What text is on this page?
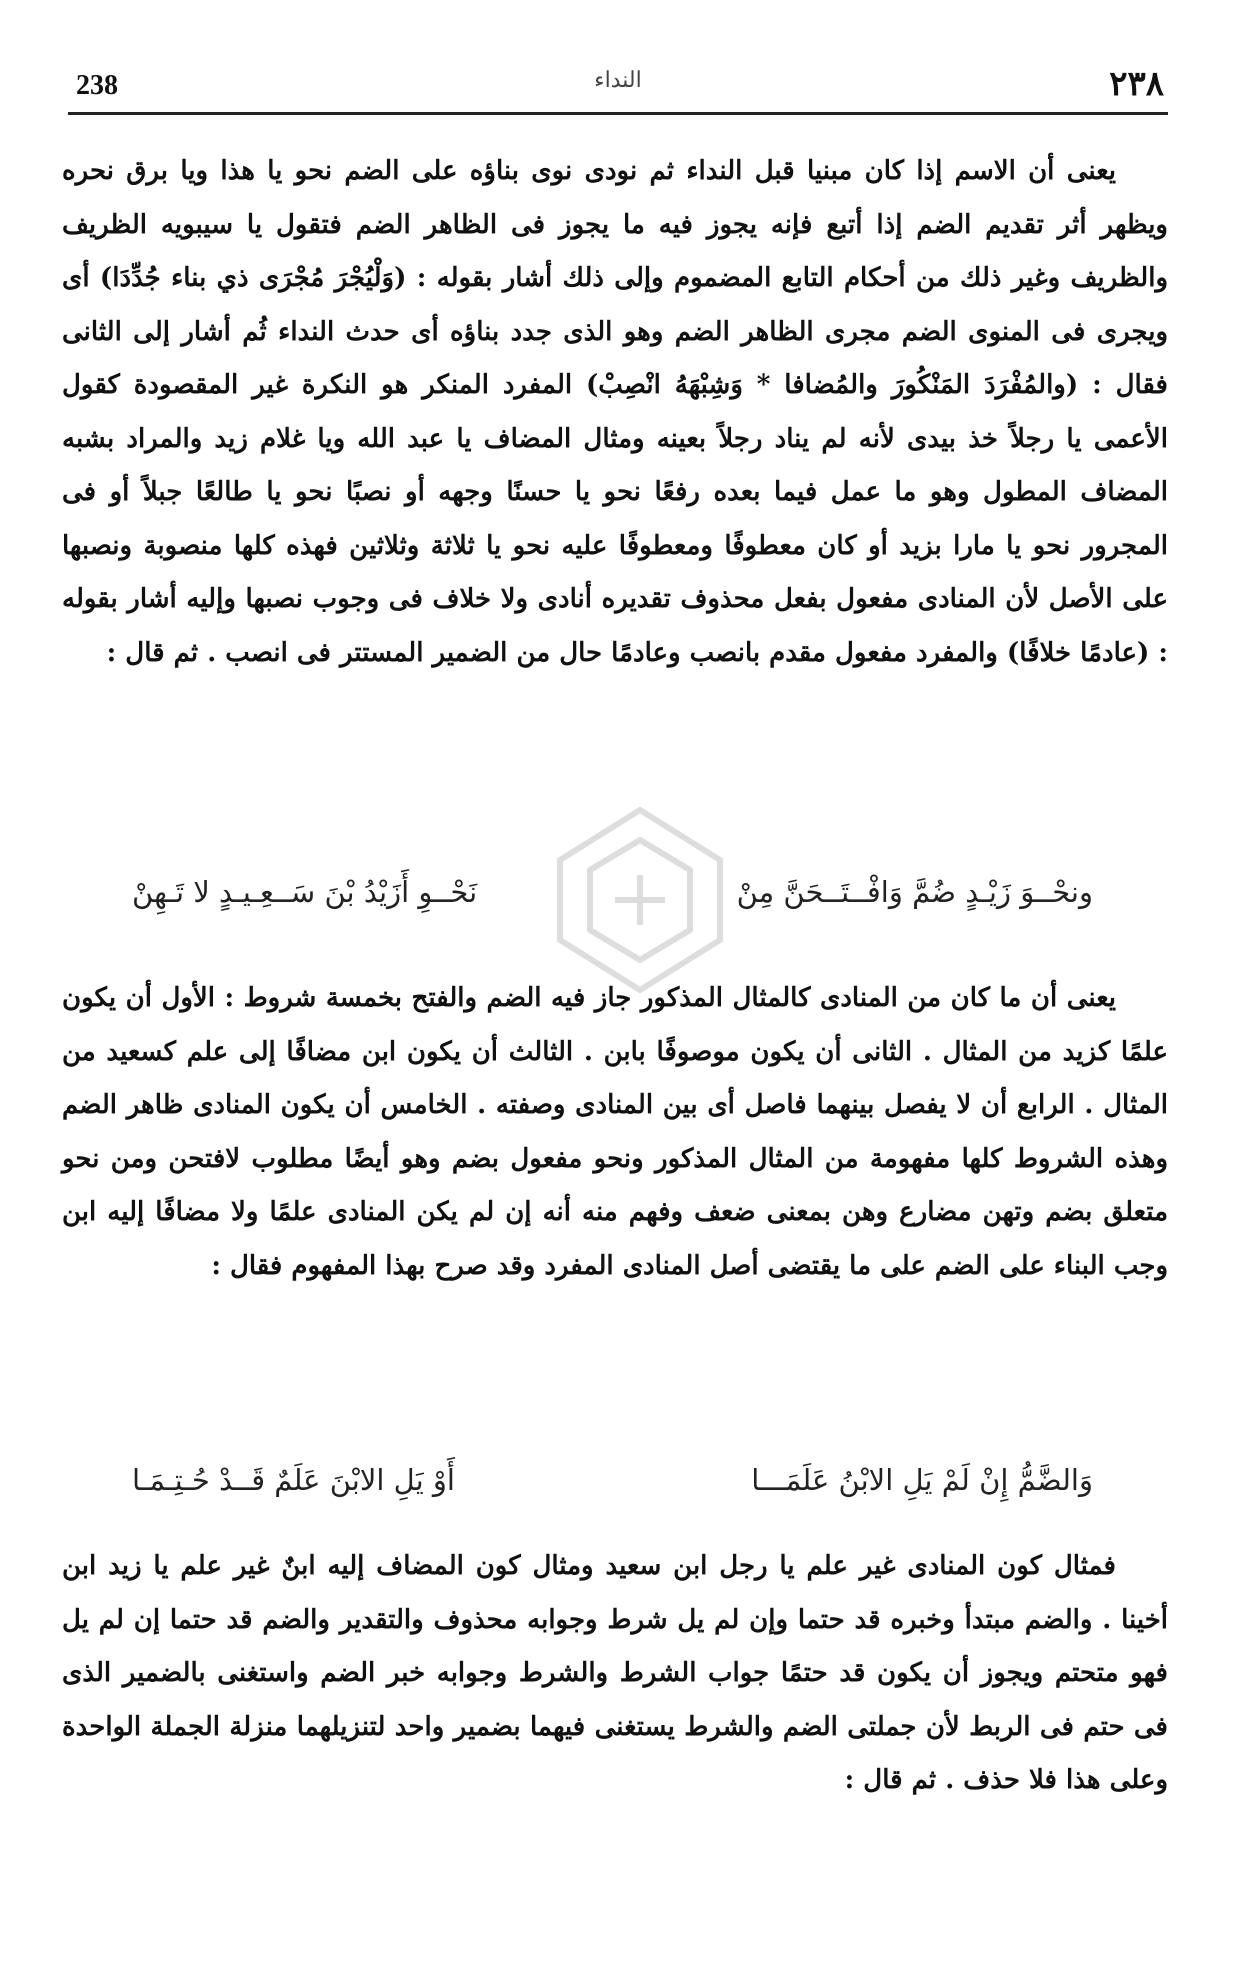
238	النداء	٢٣٨

يعنى أن الاسم إذا كان مبنيا قبل النداء ثم نودى نوى بناؤه على الضم نحو يا هذا ويا برق نحره ويظهر أثر تقديم الضم إذا أتبع فإنه يجوز فيه ما يجوز فى الظاهر الضم فتقول يا سيبويه الظريف والظريف وغير ذلك من أحكام التابع المضموم وإلى ذلك أشار بقوله : (وَلْيُجْرَ مُجْرَى ذي بناء جُدِّدَا) أى ويجرى فى المنوى الضم مجرى الظاهر الضم وهو الذى جدد بناؤه أى حدث النداء ثُم أشار إلى الثانى فقال : (والمُفْرَدَ المَنْكُورَ والمُضافا * وَشِبْهَهُ انْصِبْ) المفرد المنكر هو النكرة غير المقصودة كقول الأعمى يا رجلاً خذ بيدى لأنه لم يناد رجلاً بعينه ومثال المضاف يا عبد الله ويا غلام زيد والمراد بشبه المضاف المطول وهو ما عمل فيما بعده رفعًا نحو يا حسنًا وجهه أو نصبًا نحو يا طالعًا جبلاً أو فى المجرور نحو يا مارا بزيد أو كان معطوفًا ومعطوفًا عليه نحو يا ثلاثة وثلاثين فهذه كلها منصوبة ونصبها على الأصل لأن المنادى مفعول بفعل محذوف تقديره أنادى ولا خلاف فى وجوب نصبها وإليه أشار بقوله : (عادمًا خلافًا) والمفرد مفعول مقدم بانصب وعادمًا حال من الضمير المستتر فى انصب . ثم قال :

ونحْــوَ زَيْـدٍ ضُمَّ وَافْــتَــحَنَّ مِنْ
نَحْــوِ أَزَيْدُ بْنَ سَــعِـيـدٍ لا تَـهِنْ

يعنى أن ما كان من المنادى كالمثال المذكور جاز فيه الضم والفتح بخمسة شروط : الأول أن يكون علمًا كزيد من المثال . الثانى أن يكون موصوفًا بابن . الثالث أن يكون ابن مضافًا إلى علم كسعيد من المثال . الرابع أن لا يفصل بينهما فاصل أى بين المنادى وصفته . الخامس أن يكون المنادى ظاهر الضم وهذه الشروط كلها مفهومة من المثال المذكور ونحو مفعول بضم وهو أيضًا مطلوب لافتحن ومن نحو متعلق بضم وتهن مضارع وهن بمعنى ضعف وفهم منه أنه إن لم يكن المنادى علمًا ولا مضافًا إليه ابن وجب البناء على الضم على ما يقتضى أصل المنادى المفرد وقد صرح بهذا المفهوم فقال :

وَالضَّمُّ إِنْ لَمْ يَلِ الابْنُ عَلَمَـــا
أَوْ يَلِ الابْنَ عَلَمٌ قَــدْ حُـتِـمَـا

فمثال كون المنادى غير علم يا رجل ابن سعيد ومثال كون المضاف إليه ابنٌ غير علم يا زيد ابن أخينا . والضم مبتدأ وخبره قد حتما وإن لم يل شرط وجوابه محذوف والتقدير والضم قد حتما إن لم يل فهو متحتم ويجوز أن يكون قد حتمًا جواب الشرط والشرط وجوابه خبر الضم واستغنى بالضمير الذى فى حتم فى الربط لأن جملتى الضم والشرط يستغنى فيهما بضمير واحد لتنزيلهما منزلة الجملة الواحدة وعلى هذا فلا حذف . ثم قال :
